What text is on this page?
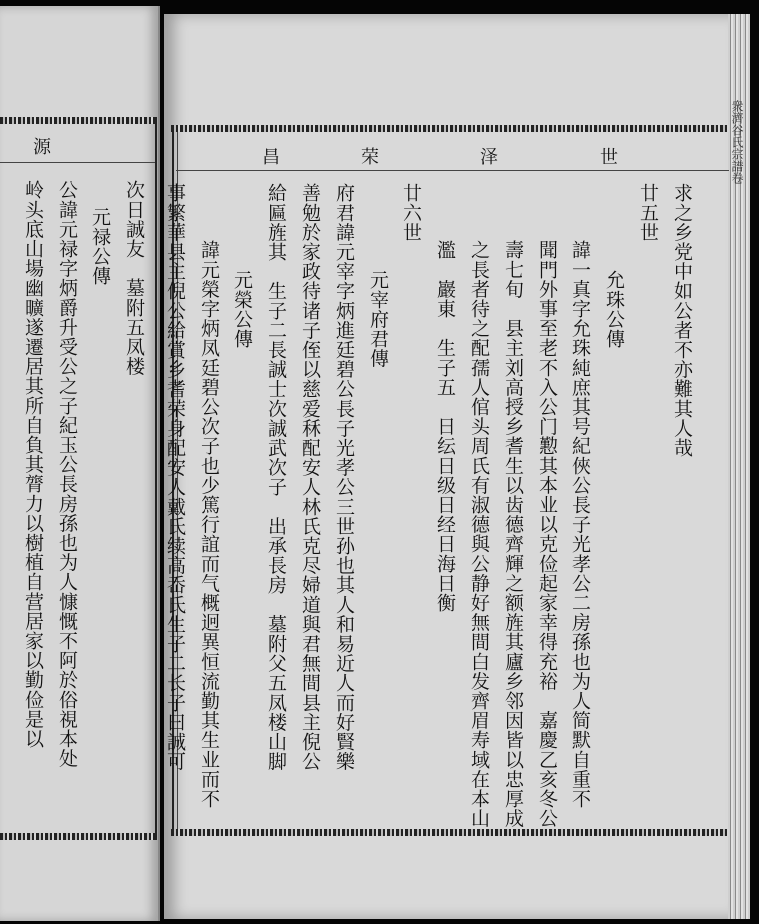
源
次日誠友　墓附五凤楼
元禄公傳
公諱元禄字炳爵升受公之子紀玉公長房孫也为人慷慨不阿於俗視本处
岭头底山場幽曠遂遷居其所自負其膂力以樹植自营居家以勤俭是以
衆濟谷氏宗譜卷
世
泽
荣
昌
求之乡党中如公者不亦難其人哉
廿五世
允珠公傳
諱一真字允珠純庶其号紀俠公長子光孝公二房孫也为人简默自重不
聞門外事至老不入公门懃其本业以克俭起家幸得充裕　嘉慶乙亥冬公
壽七旬　县主刘高授乡耆生以齿德齊輝之额旌其廬乡邻因皆以忠厚成
之長者待之配孺人倌头周氏有淑德與公静好無間白发齊眉寿域在本山
濫　巖東　生子五　日纭日级日经日海日衡
廿六世
元宰府君傳
府君諱元宰字炳進廷碧公長子光孝公三世孙也其人和易近人而好賢樂
善勉於家政待诸子侄以慈爱秝配安人林氏克尽婦道與君無間县主倪公
給匾旌其　生子二長誠士次誠武次子　出承長房　墓附父五凤楼山脚
元榮公傳
諱元榮字炳凤廷碧公次子也少篤行誼而气概迥異恒流勤其生业而不
事繁華县主倪公給賞乡耆荣身配安人戴氏续高岙氏生子二长子曰誠可
